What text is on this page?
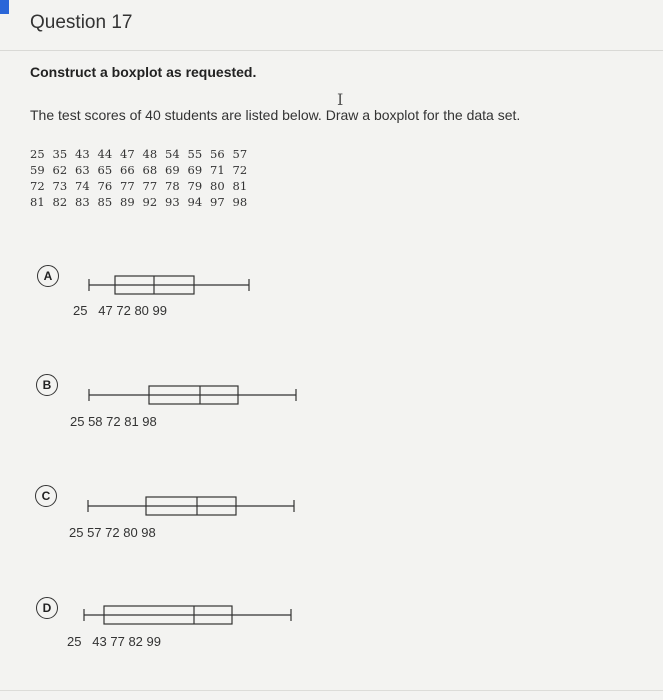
Question 17
Construct a boxplot as requested.
I
The test scores of 40 students are listed below. Draw a boxplot for the data set.
25 35 43 44 47 48 54 55 56 57
59 62 63 65 66 68 69 69 71 72
72 73 74 76 77 77 78 79 80 81
81 82 83 85 89 92 93 94 97 98
A
25   47 72 80 99
B
25 58 72 81 98
C
25 57 72 80 98
D
25   43 77 82 99
